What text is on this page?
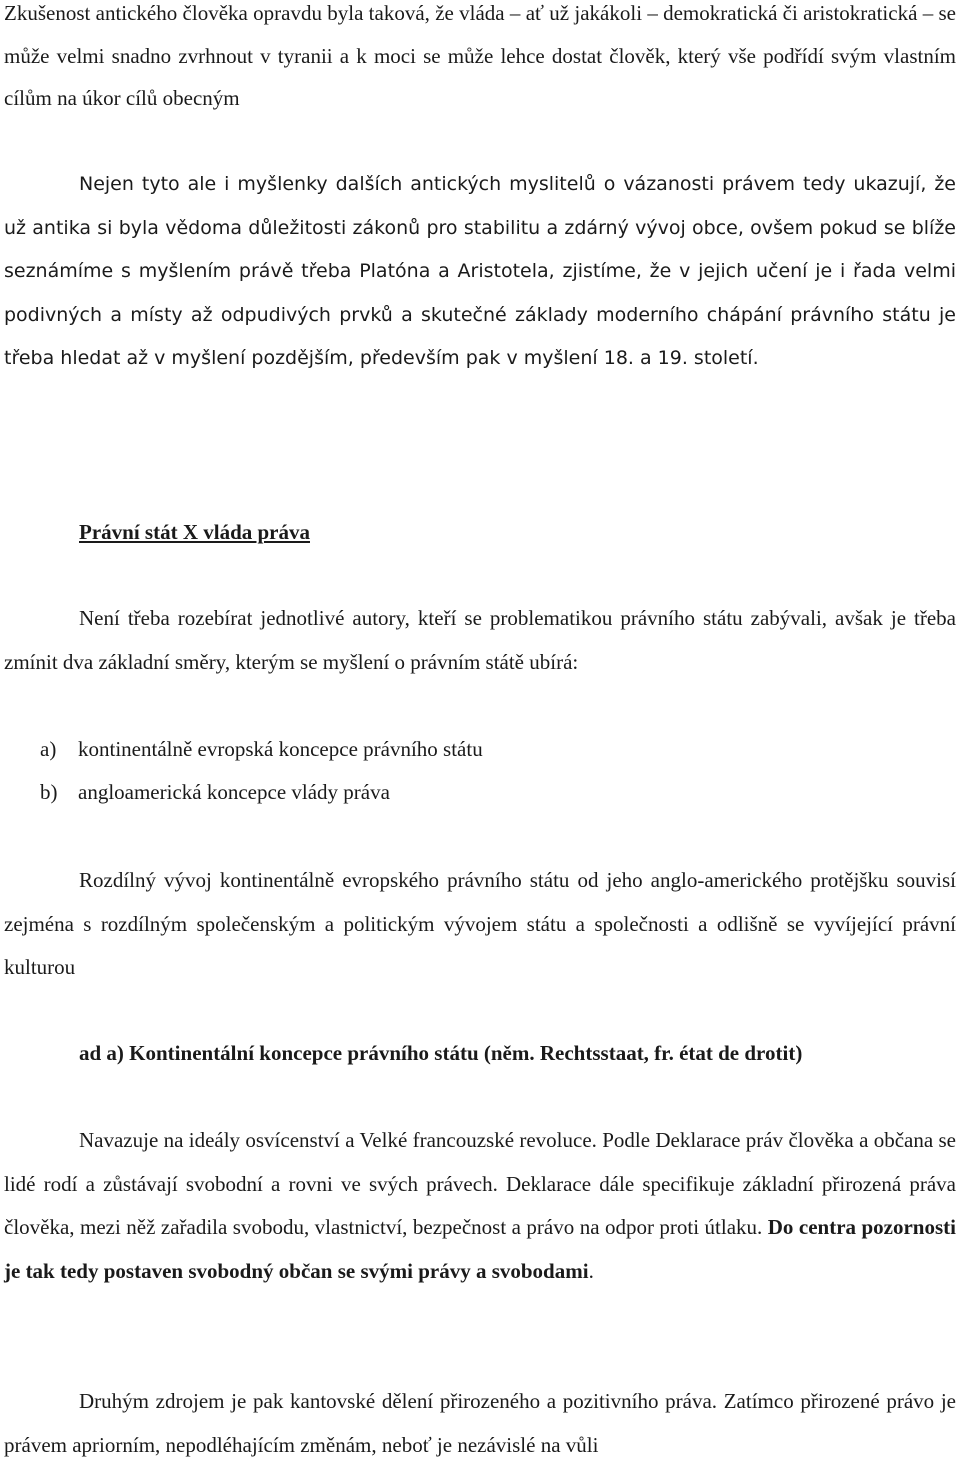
Zkušenost antického člověka opravdu byla taková, že vláda – ať už jakákoli – demokratická či aristokratická – se může velmi snadno zvrhnout v tyranii a k moci se může lehce dostat člověk, který vše podřídí svým vlastním cílům na úkor cílů obecným

Nejen tyto ale i myšlenky dalších antických myslitelů o vázanosti právem tedy ukazují, že už antika si byla vědoma důležitosti zákonů pro stabilitu a zdárný vývoj obce, ovšem pokud se blíže seznámíme s myšlením právě třeba Platóna a Aristotela, zjistíme, že v jejich učení je i řada velmi podivných a místy až odpudivých prvků a skutečné základy moderního chápání právního státu je třeba hledat až v myšlení pozdějším, především pak v myšlení 18. a 19. století.

Právní stát X vláda práva

Není třeba rozebírat jednotlivé autory, kteří se problematikou právního státu zabývali, avšak je třeba zmínit dva základní směry, kterým se myšlení o právním státě ubírá:

a) kontinentálně evropská koncepce právního státu

b) angloamerická koncepce vlády práva

Rozdílný vývoj kontinentálně evropského právního státu od jeho anglo-amerického protějšku souvisí zejména s rozdílným společenským a politickým vývojem státu a společnosti a odlišně se vyvíjející právní kulturou

ad a) Kontinentální koncepce právního státu (něm. Rechtsstaat, fr. état de drotit)

Navazuje na ideály osvícenství a Velké francouzské revoluce. Podle Deklarace práv člověka a občana se lidé rodí a zůstávají svobodní a rovni ve svých právech. Deklarace dále specifikuje základní přirozená práva člověka, mezi něž zařadila svobodu, vlastnictví, bezpečnost a právo na odpor proti útlaku. Do centra pozornosti je tak tedy postaven svobodný občan se svými právy a svobodami.

Druhým zdrojem je pak kantovské dělení přirozeného a pozitivního práva. Zatímco přirozené právo je právem apriorním, nepodléhajícím změnám, neboť je nezávislé na vůli
